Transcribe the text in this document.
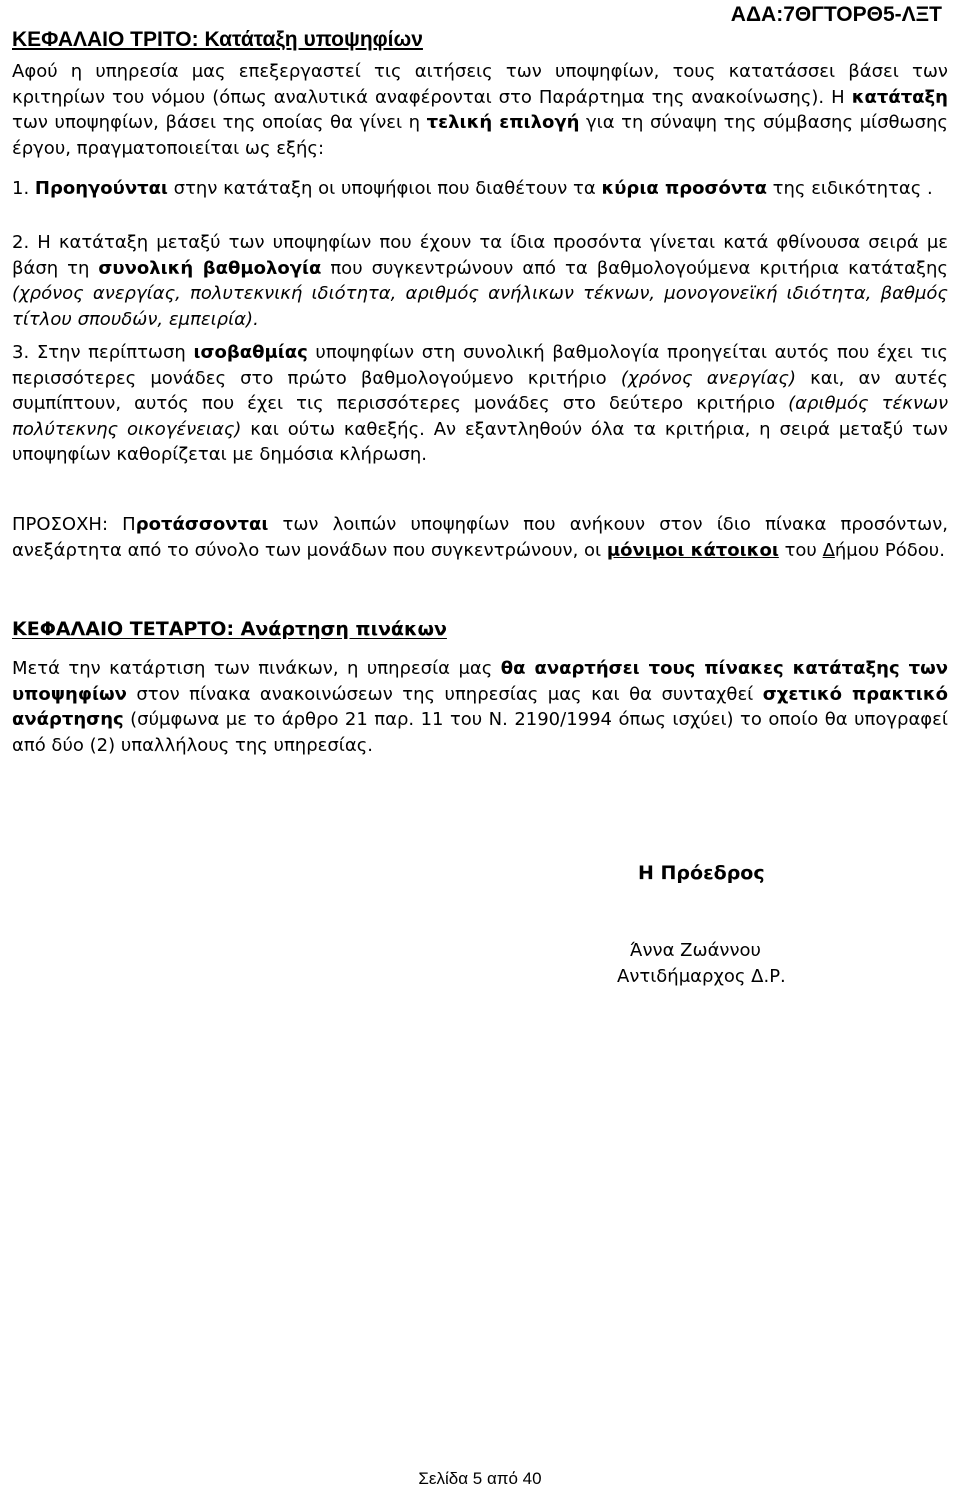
ΑΔΑ:7ΘΓΤΟΡΘ5-ΛΞΤ
ΚΕΦΑΛΑΙΟ ΤΡΙΤΟ: Κατάταξη υποψηφίων
Αφού η υπηρεσία μας επεξεργαστεί τις αιτήσεις των υποψηφίων, τους κατατάσσει βάσει των κριτηρίων του νόμου (όπως αναλυτικά αναφέρονται στο Παράρτημα της ανακοίνωσης). Η κατάταξη των υποψηφίων, βάσει της οποίας θα γίνει η τελική επιλογή για τη σύναψη της σύμβασης μίσθωσης έργου, πραγματοποιείται ως εξής:
1. Προηγούνται στην κατάταξη οι υποψήφιοι που διαθέτουν τα κύρια προσόντα της ειδικότητας .
2. Η κατάταξη μεταξύ των υποψηφίων που έχουν τα ίδια προσόντα γίνεται κατά φθίνουσα σειρά με βάση τη συνολική βαθμολογία που συγκεντρώνουν από τα βαθμολογούμενα κριτήρια κατάταξης (χρόνος ανεργίας, πολυτεκνική ιδιότητα, αριθμός ανήλικων τέκνων, μονογονεϊκή ιδιότητα, βαθμός τίτλου σπουδών, εμπειρία).
3. Στην περίπτωση ισοβαθμίας υποψηφίων στη συνολική βαθμολογία προηγείται αυτός που έχει τις περισσότερες μονάδες στο πρώτο βαθμολογούμενο κριτήριο (χρόνος ανεργίας) και, αν αυτές συμπίπτουν, αυτός που έχει τις περισσότερες μονάδες στο δεύτερο κριτήριο (αριθμός τέκνων πολύτεκνης οικογένειας) και ούτω καθεξής. Αν εξαντληθούν όλα τα κριτήρια, η σειρά μεταξύ των υποψηφίων καθορίζεται με δημόσια κλήρωση.
ΠΡΟΣΟΧΗ: Προτάσσονται των λοιπών υποψηφίων που ανήκουν στον ίδιο πίνακα προσόντων, ανεξάρτητα από το σύνολο των μονάδων που συγκεντρώνουν, οι μόνιμοι κάτοικοι του Δήμου Ρόδου.
ΚΕΦΑΛΑΙΟ ΤΕΤΑΡΤΟ: Ανάρτηση πινάκων
Μετά την κατάρτιση των πινάκων, η υπηρεσία μας θα αναρτήσει τους πίνακες κατάταξης των υποψηφίων στον πίνακα ανακοινώσεων της υπηρεσίας μας και θα συνταχθεί σχετικό πρακτικό ανάρτησης (σύμφωνα με το άρθρο 21 παρ. 11 του Ν. 2190/1994 όπως ισχύει) το οποίο θα υπογραφεί από δύο (2) υπαλλήλους της υπηρεσίας.
Η Πρόεδρος
Άννα Ζωάννου
Αντιδήμαρχος Δ.Ρ.
Σελίδα 5 από 40
